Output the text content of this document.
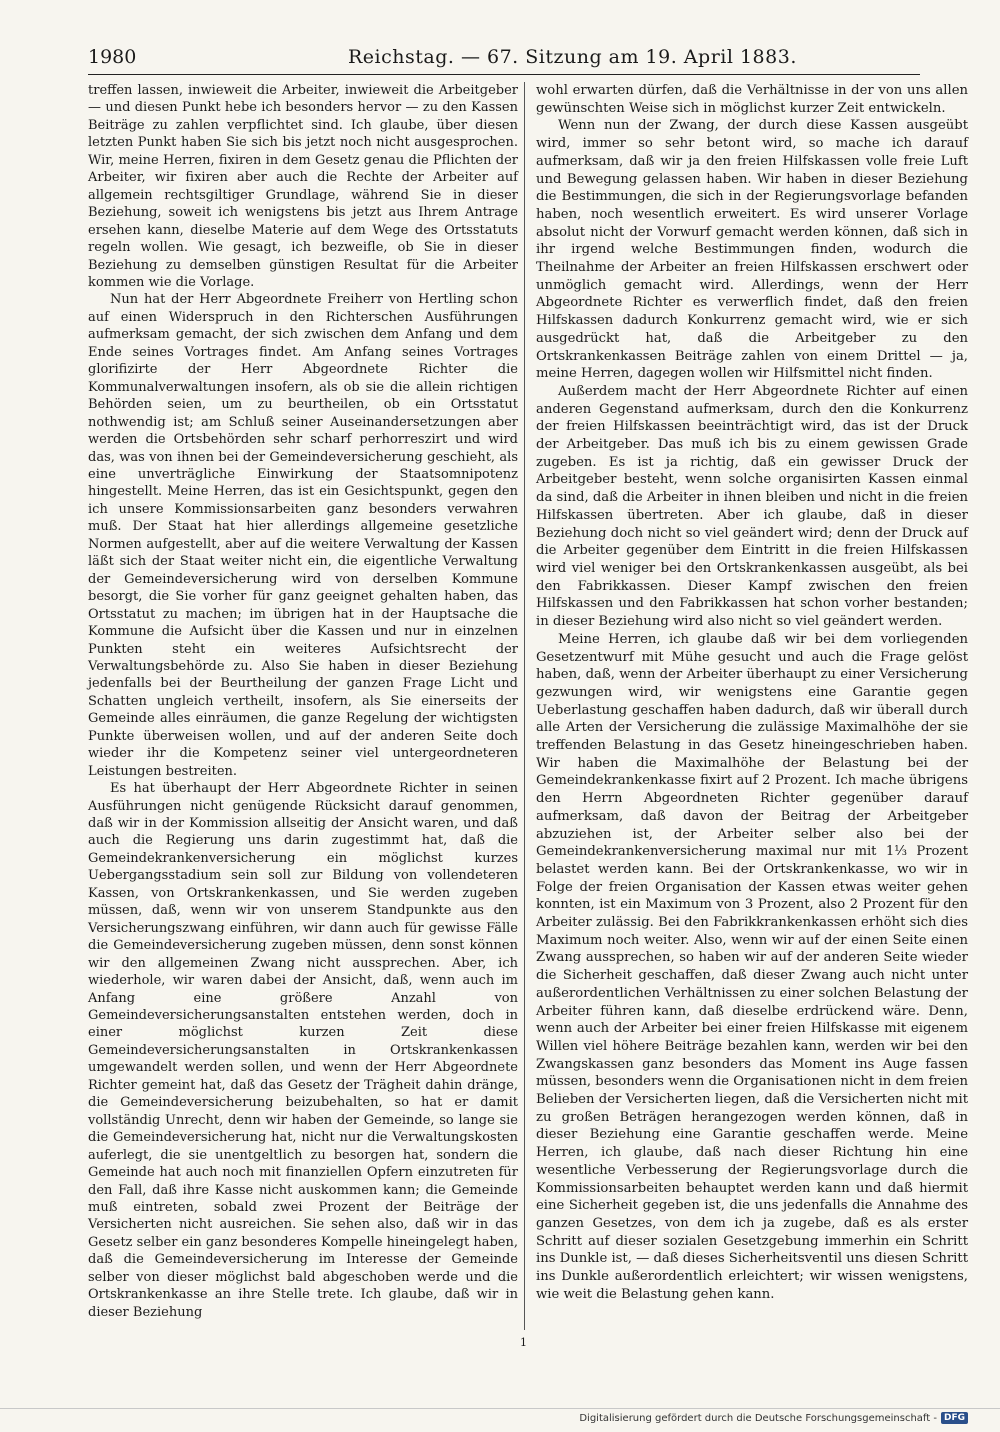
1980	Reichstag. — 67. Sitzung am 19. April 1883.

treffen lassen, inwieweit die Arbeiter, inwieweit die Arbeitgeber — und diesen Punkt hebe ich besonders hervor — zu den Kassen Beiträge zu zahlen verpflichtet sind. Ich glaube, über diesen letzten Punkt haben Sie sich bis jetzt noch nicht ausgesprochen. Wir, meine Herren, fixiren in dem Gesetz genau die Pflichten der Arbeiter, wir fixiren aber auch die Rechte der Arbeiter auf allgemein rechtsgiltiger Grundlage, während Sie in dieser Beziehung, soweit ich wenigstens bis jetzt aus Ihrem Antrage ersehen kann, dieselbe Materie auf dem Wege des Ortsstatuts regeln wollen. Wie gesagt, ich bezweifle, ob Sie in dieser Beziehung zu demselben günstigen Resultat für die Arbeiter kommen wie die Vorlage.

Nun hat der Herr Abgeordnete Freiherr von Hertling schon auf einen Widerspruch in den Richterschen Ausführungen aufmerksam gemacht, der sich zwischen dem Anfang und dem Ende seines Vortrages findet. Am Anfang seines Vortrages glorifizirte der Herr Abgeordnete Richter die Kommunalverwaltungen insofern, als ob sie die allein richtigen Behörden seien, um zu beurtheilen, ob ein Ortsstatut nothwendig ist; am Schluß seiner Auseinandersetzungen aber werden die Ortsbehörden sehr scharf perhorreszirt und wird das, was von ihnen bei der Gemeindeversicherung geschieht, als eine unverträgliche Einwirkung der Staatsomnipotenz hingestellt. Meine Herren, das ist ein Gesichtspunkt, gegen den ich unsere Kommissionsarbeiten ganz besonders verwahren muß. Der Staat hat hier allerdings allgemeine gesetzliche Normen aufgestellt, aber auf die weitere Verwaltung der Kassen läßt sich der Staat weiter nicht ein, die eigentliche Verwaltung der Gemeindeversicherung wird von derselben Kommune besorgt, die Sie vorher für ganz geeignet gehalten haben, das Ortsstatut zu machen; im übrigen hat in der Hauptsache die Kommune die Aufsicht über die Kassen und nur in einzelnen Punkten steht ein weiteres Aufsichtsrecht der Verwaltungsbehörde zu. Also Sie haben in dieser Beziehung jedenfalls bei der Beurtheilung der ganzen Frage Licht und Schatten ungleich vertheilt, insofern, als Sie einerseits der Gemeinde alles einräumen, die ganze Regelung der wichtigsten Punkte überweisen wollen, und auf der anderen Seite doch wieder ihr die Kompetenz seiner viel untergeordneteren Leistungen bestreiten.

Es hat überhaupt der Herr Abgeordnete Richter in seinen Ausführungen nicht genügende Rücksicht darauf genommen, daß wir in der Kommission allseitig der Ansicht waren, und daß auch die Regierung uns darin zugestimmt hat, daß die Gemeindekrankenversicherung ein möglichst kurzes Uebergangsstadium sein soll zur Bildung von vollendeteren Kassen, von Ortskrankenkassen, und Sie werden zugeben müssen, daß, wenn wir von unserem Standpunkte aus den Versicherungszwang einführen, wir dann auch für gewisse Fälle die Gemeindeversicherung zugeben müssen, denn sonst können wir den allgemeinen Zwang nicht aussprechen. Aber, ich wiederhole, wir waren dabei der Ansicht, daß, wenn auch im Anfang eine größere Anzahl von Gemeindeversicherungsanstalten entstehen werden, doch in einer möglichst kurzen Zeit diese Gemeindeversicherungsanstalten in Ortskrankenkassen umgewandelt werden sollen, und wenn der Herr Abgeordnete Richter gemeint hat, daß das Gesetz der Trägheit dahin dränge, die Gemeindeversicherung beizubehalten, so hat er damit vollständig Unrecht, denn wir haben der Gemeinde, so lange sie die Gemeindeversicherung hat, nicht nur die Verwaltungskosten auferlegt, die sie unentgeltlich zu besorgen hat, sondern die Gemeinde hat auch noch mit finanziellen Opfern einzutreten für den Fall, daß ihre Kasse nicht auskommen kann; die Gemeinde muß eintreten, sobald zwei Prozent der Beiträge der Versicherten nicht ausreichen. Sie sehen also, daß wir in das Gesetz selber ein ganz besonderes Kompelle hineingelegt haben, daß die Gemeindeversicherung im Interesse der Gemeinde selber von dieser möglichst bald abgeschoben werde und die Ortskrankenkasse an ihre Stelle trete. Ich glaube, daß wir in dieser Beziehung

wohl erwarten dürfen, daß die Verhältnisse in der von uns allen gewünschten Weise sich in möglichst kurzer Zeit entwickeln.

Wenn nun der Zwang, der durch diese Kassen ausgeübt wird, immer so sehr betont wird, so mache ich darauf aufmerksam, daß wir ja den freien Hilfskassen volle freie Luft und Bewegung gelassen haben. Wir haben in dieser Beziehung die Bestimmungen, die sich in der Regierungsvorlage befanden haben, noch wesentlich erweitert. Es wird unserer Vorlage absolut nicht der Vorwurf gemacht werden können, daß sich in ihr irgend welche Bestimmungen finden, wodurch die Theilnahme der Arbeiter an freien Hilfskassen erschwert oder unmöglich gemacht wird. Allerdings, wenn der Herr Abgeordnete Richter es verwerflich findet, daß den freien Hilfskassen dadurch Konkurrenz gemacht wird, wie er sich ausgedrückt hat, daß die Arbeitgeber zu den Ortskrankenkassen Beiträge zahlen von einem Drittel — ja, meine Herren, dagegen wollen wir Hilfsmittel nicht finden.

Außerdem macht der Herr Abgeordnete Richter auf einen anderen Gegenstand aufmerksam, durch den die Konkurrenz der freien Hilfskassen beeinträchtigt wird, das ist der Druck der Arbeitgeber. Das muß ich bis zu einem gewissen Grade zugeben. Es ist ja richtig, daß ein gewisser Druck der Arbeitgeber besteht, wenn solche organisirten Kassen einmal da sind, daß die Arbeiter in ihnen bleiben und nicht in die freien Hilfskassen übertreten. Aber ich glaube, daß in dieser Beziehung doch nicht so viel geändert wird; denn der Druck auf die Arbeiter gegenüber dem Eintritt in die freien Hilfskassen wird viel weniger bei den Ortskrankenkassen ausgeübt, als bei den Fabrikkassen. Dieser Kampf zwischen den freien Hilfskassen und den Fabrikkassen hat schon vorher bestanden; in dieser Beziehung wird also nicht so viel geändert werden.

Meine Herren, ich glaube daß wir bei dem vorliegenden Gesetzentwurf mit Mühe gesucht und auch die Frage gelöst haben, daß, wenn der Arbeiter überhaupt zu einer Versicherung gezwungen wird, wir wenigstens eine Garantie gegen Ueberlastung geschaffen haben dadurch, daß wir überall durch alle Arten der Versicherung die zulässige Maximalhöhe der sie treffenden Belastung in das Gesetz hineingeschrieben haben. Wir haben die Maximalhöhe der Belastung bei der Gemeindekrankenkasse fixirt auf 2 Prozent. Ich mache übrigens den Herrn Abgeordneten Richter gegenüber darauf aufmerksam, daß davon der Beitrag der Arbeitgeber abzuziehen ist, der Arbeiter selber also bei der Gemeindekrankenversicherung maximal nur mit 1⅓ Prozent belastet werden kann. Bei der Ortskrankenkasse, wo wir in Folge der freien Organisation der Kassen etwas weiter gehen konnten, ist ein Maximum von 3 Prozent, also 2 Prozent für den Arbeiter zulässig. Bei den Fabrikkrankenkassen erhöht sich dies Maximum noch weiter. Also, wenn wir auf der einen Seite einen Zwang aussprechen, so haben wir auf der anderen Seite wieder die Sicherheit geschaffen, daß dieser Zwang auch nicht unter außerordentlichen Verhältnissen zu einer solchen Belastung der Arbeiter führen kann, daß dieselbe erdrückend wäre. Denn, wenn auch der Arbeiter bei einer freien Hilfskasse mit eigenem Willen viel höhere Beiträge bezahlen kann, werden wir bei den Zwangskassen ganz besonders das Moment ins Auge fassen müssen, besonders wenn die Organisationen nicht in dem freien Belieben der Versicherten liegen, daß die Versicherten nicht mit zu großen Beträgen herangezogen werden können, daß in dieser Beziehung eine Garantie geschaffen werde. Meine Herren, ich glaube, daß nach dieser Richtung hin eine wesentliche Verbesserung der Regierungsvorlage durch die Kommissionsarbeiten behauptet werden kann und daß hiermit eine Sicherheit gegeben ist, die uns jedenfalls die Annahme des ganzen Gesetzes, von dem ich ja zugebe, daß es als erster Schritt auf dieser sozialen Gesetzgebung immerhin ein Schritt ins Dunkle ist, — daß dieses Sicherheitsventil uns diesen Schritt ins Dunkle außerordentlich erleichtert; wir wissen wenigstens, wie weit die Belastung gehen kann.

1
Digitalisierung gefördert durch die Deutsche Forschungsgemeinschaft - DFG
